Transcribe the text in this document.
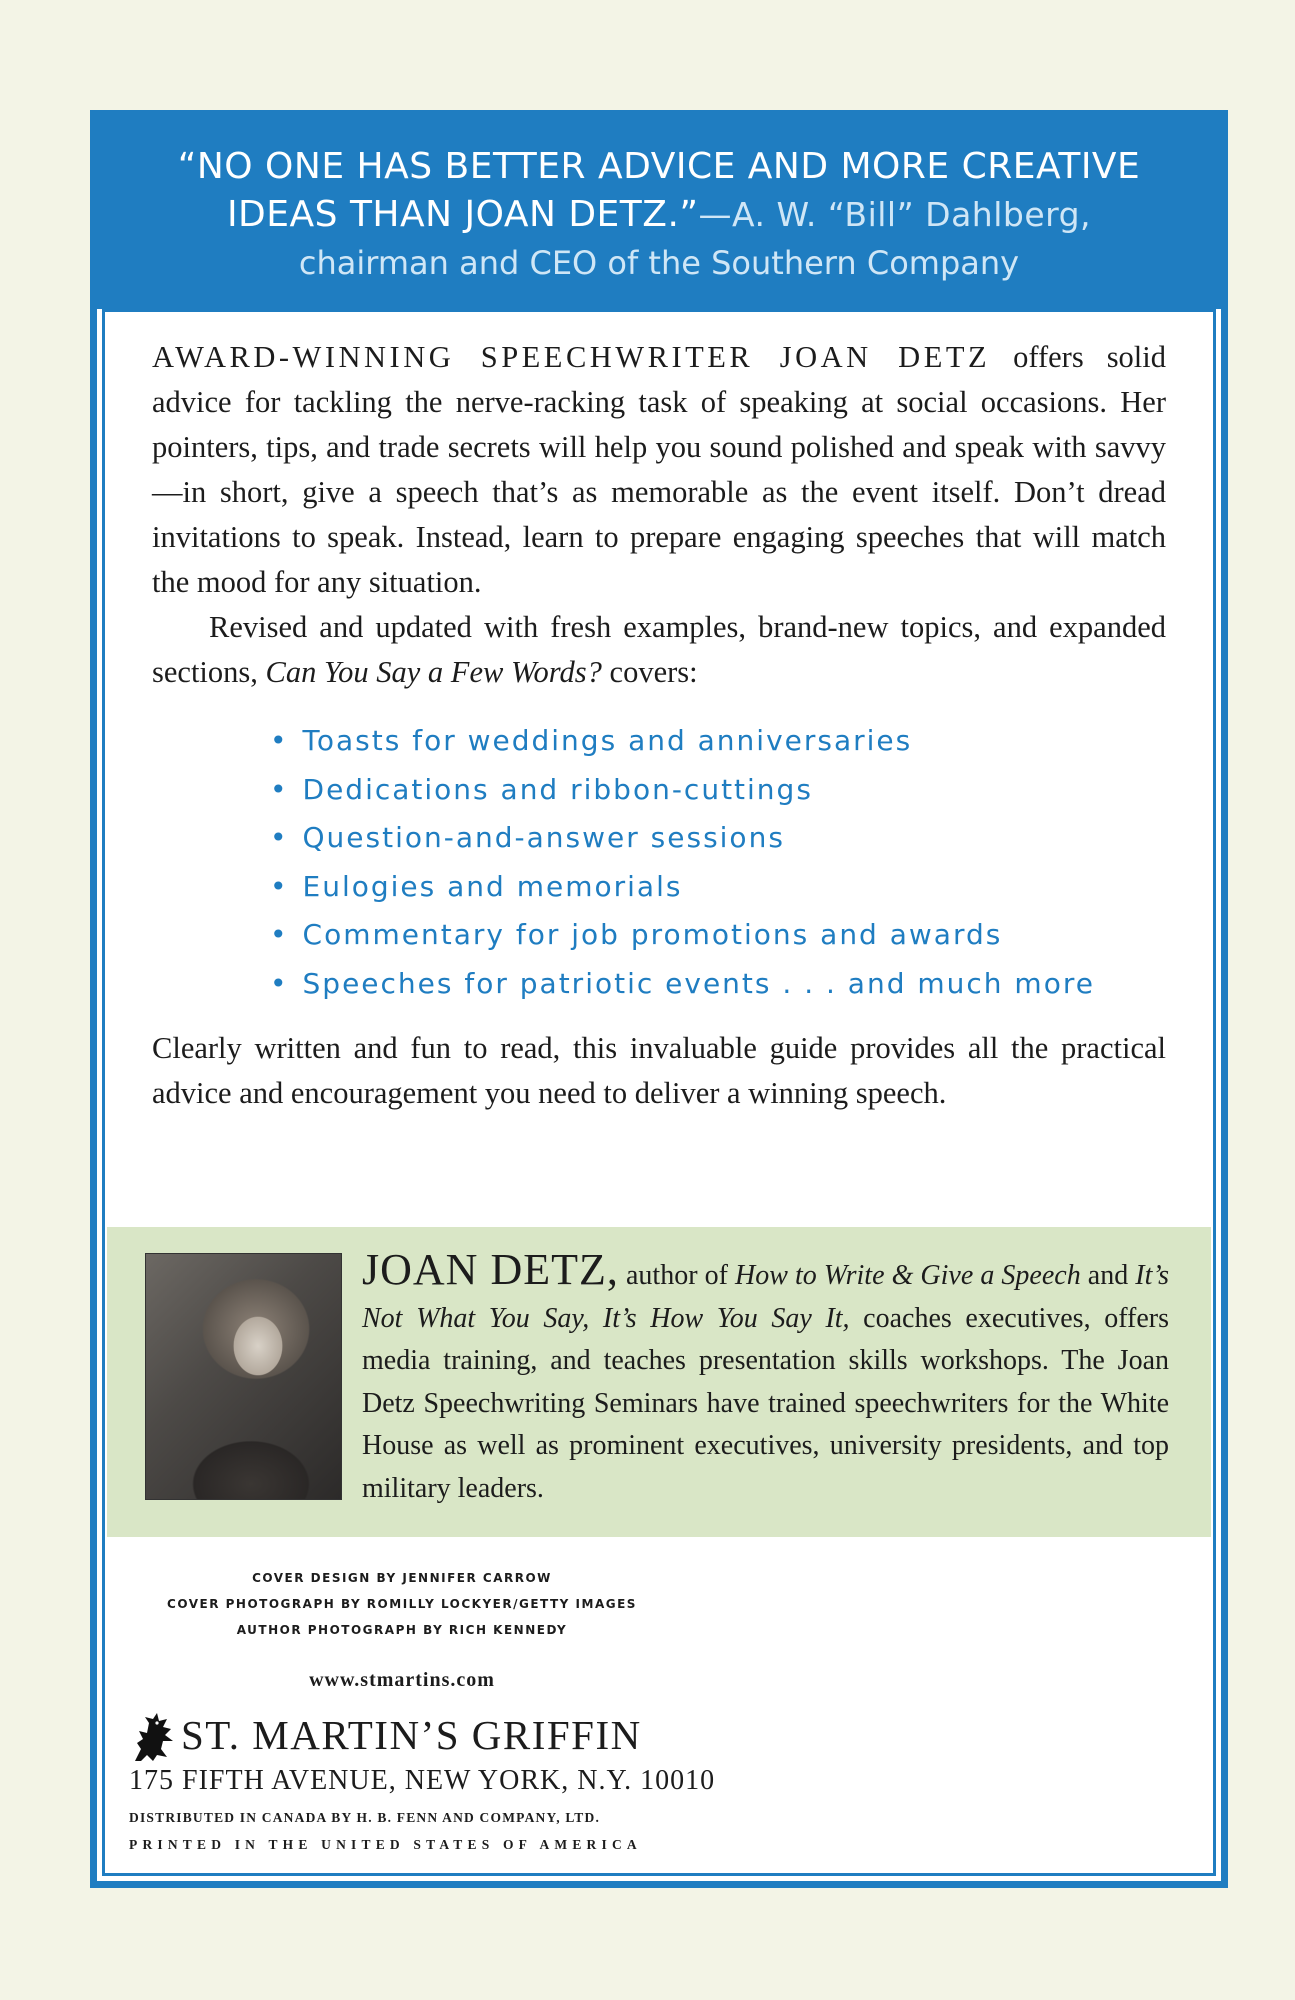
“NO ONE HAS BETTER ADVICE AND MORE CREATIVE
IDEAS THAN JOAN DETZ.”—A. W. “Bill” Dahlberg,
chairman and CEO of the Southern Company

AWARD-WINNING SPEECHWRITER JOAN DETZ offers solid advice for tackling the nerve-racking task of speaking at social occasions. Her pointers, tips, and trade secrets will help you sound polished and speak with savvy—in short, give a speech that’s as memorable as the event itself. Don’t dread invitations to speak. Instead, learn to prepare engaging speeches that will match the mood for any situation.

Revised and updated with fresh examples, brand-new topics, and expanded sections, Can You Say a Few Words? covers:

• Toasts for weddings and anniversaries
• Dedications and ribbon-cuttings
• Question-and-answer sessions
• Eulogies and memorials
• Commentary for job promotions and awards
• Speeches for patriotic events . . . and much more

Clearly written and fun to read, this invaluable guide provides all the practical advice and encouragement you need to deliver a winning speech.

JOAN DETZ, author of How to Write & Give a Speech and It’s Not What You Say, It’s How You Say It, coaches executives, offers media training, and teaches presentation skills workshops. The Joan Detz Speechwriting Seminars have trained speechwriters for the White House as well as prominent executives, university presidents, and top military leaders.
COVER DESIGN BY JENNIFER CARROW
COVER PHOTOGRAPH BY ROMILLY LOCKYER/GETTY IMAGES
AUTHOR PHOTOGRAPH BY RICH KENNEDY
www.stmartins.com
ST. MARTIN’S GRIFFIN
175 FIFTH AVENUE, NEW YORK, N.Y. 10010
DISTRIBUTED IN CANADA BY H. B. FENN AND COMPANY, LTD.
PRINTED IN THE UNITED STATES OF AMERICA
